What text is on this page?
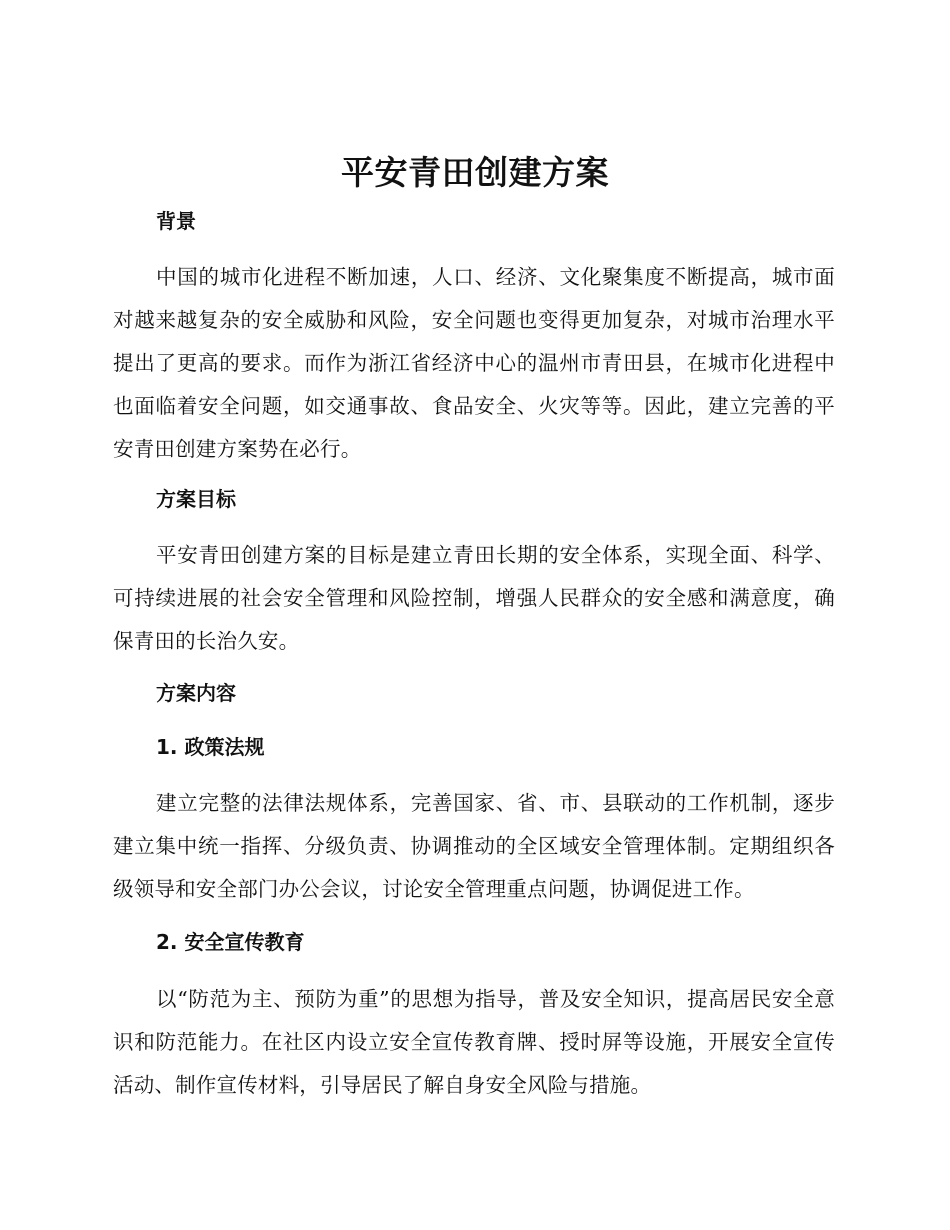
平安青田创建方案
背景

中国的城市化进程不断加速，人口、经济、文化聚集度不断提高，城市面对越来越复杂的安全威胁和风险，安全问题也变得更加复杂，对城市治理水平提出了更高的要求。而作为浙江省经济中心的温州市青田县，在城市化进程中也面临着安全问题，如交通事故、食品安全、火灾等等。因此，建立完善的平安青田创建方案势在必行。

方案目标

平安青田创建方案的目标是建立青田长期的安全体系，实现全面、科学、可持续进展的社会安全管理和风险控制，增强人民群众的安全感和满意度，确保青田的长治久安。

方案内容
1. 政策法规

建立完整的法律法规体系，完善国家、省、市、县联动的工作机制，逐步建立集中统一指挥、分级负责、协调推动的全区域安全管理体制。定期组织各级领导和安全部门办公会议，讨论安全管理重点问题，协调促进工作。

2. 安全宣传教育

以“防范为主、预防为重”的思想为指导，普及安全知识，提高居民安全意识和防范能力。在社区内设立安全宣传教育牌、授时屏等设施，开展安全宣传活动、制作宣传材料，引导居民了解自身安全风险与措施。
